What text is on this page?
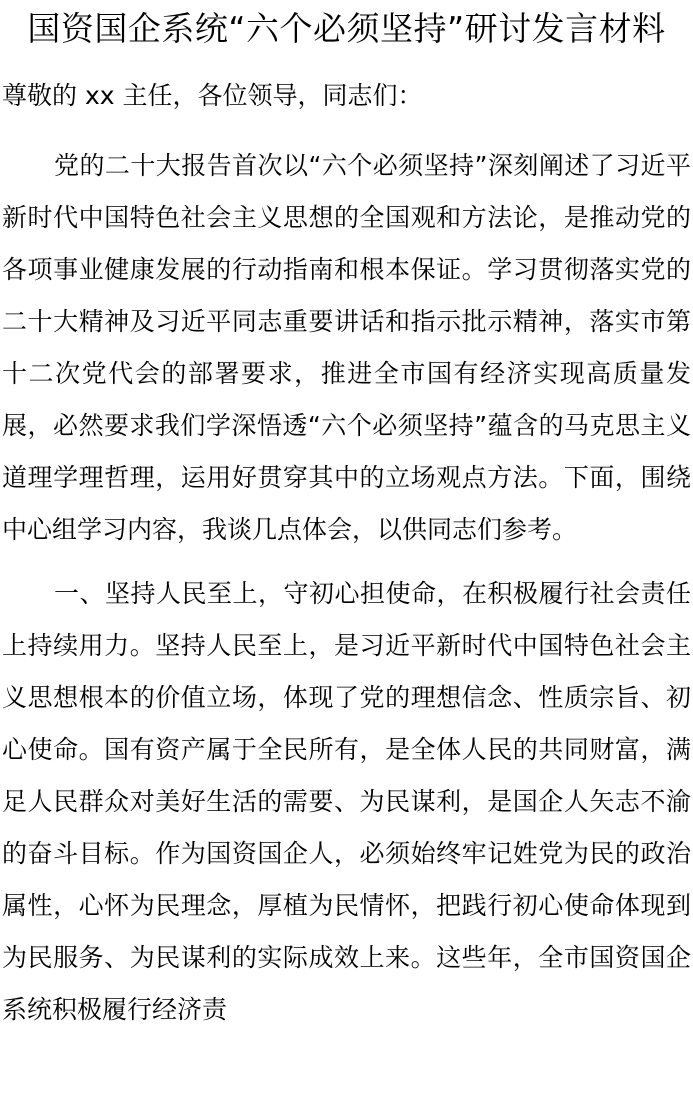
国资国企系统“六个必须坚持”研讨发言材料

尊敬的 xx 主任，各位领导，同志们：

党的二十大报告首次以“六个必须坚持”深刻阐述了习近平新时代中国特色社会主义思想的全国观和方法论，是推动党的各项事业健康发展的行动指南和根本保证。学习贯彻落实党的二十大精神及习近平同志重要讲话和指示批示精神，落实市第十二次党代会的部署要求，推进全市国有经济实现高质量发展，必然要求我们学深悟透“六个必须坚持”蕴含的马克思主义道理学理哲理，运用好贯穿其中的立场观点方法。下面，围绕中心组学习内容，我谈几点体会，以供同志们参考。

一、坚持人民至上，守初心担使命，在积极履行社会责任上持续用力。坚持人民至上，是习近平新时代中国特色社会主义思想根本的价值立场，体现了党的理想信念、性质宗旨、初心使命。国有资产属于全民所有，是全体人民的共同财富，满足人民群众对美好生活的需要、为民谋利，是国企人矢志不渝的奋斗目标。作为国资国企人，必须始终牢记姓党为民的政治属性，心怀为民理念，厚植为民情怀，把践行初心使命体现到为民服务、为民谋利的实际成效上来。这些年，全市国资国企系统积极履行经济责
